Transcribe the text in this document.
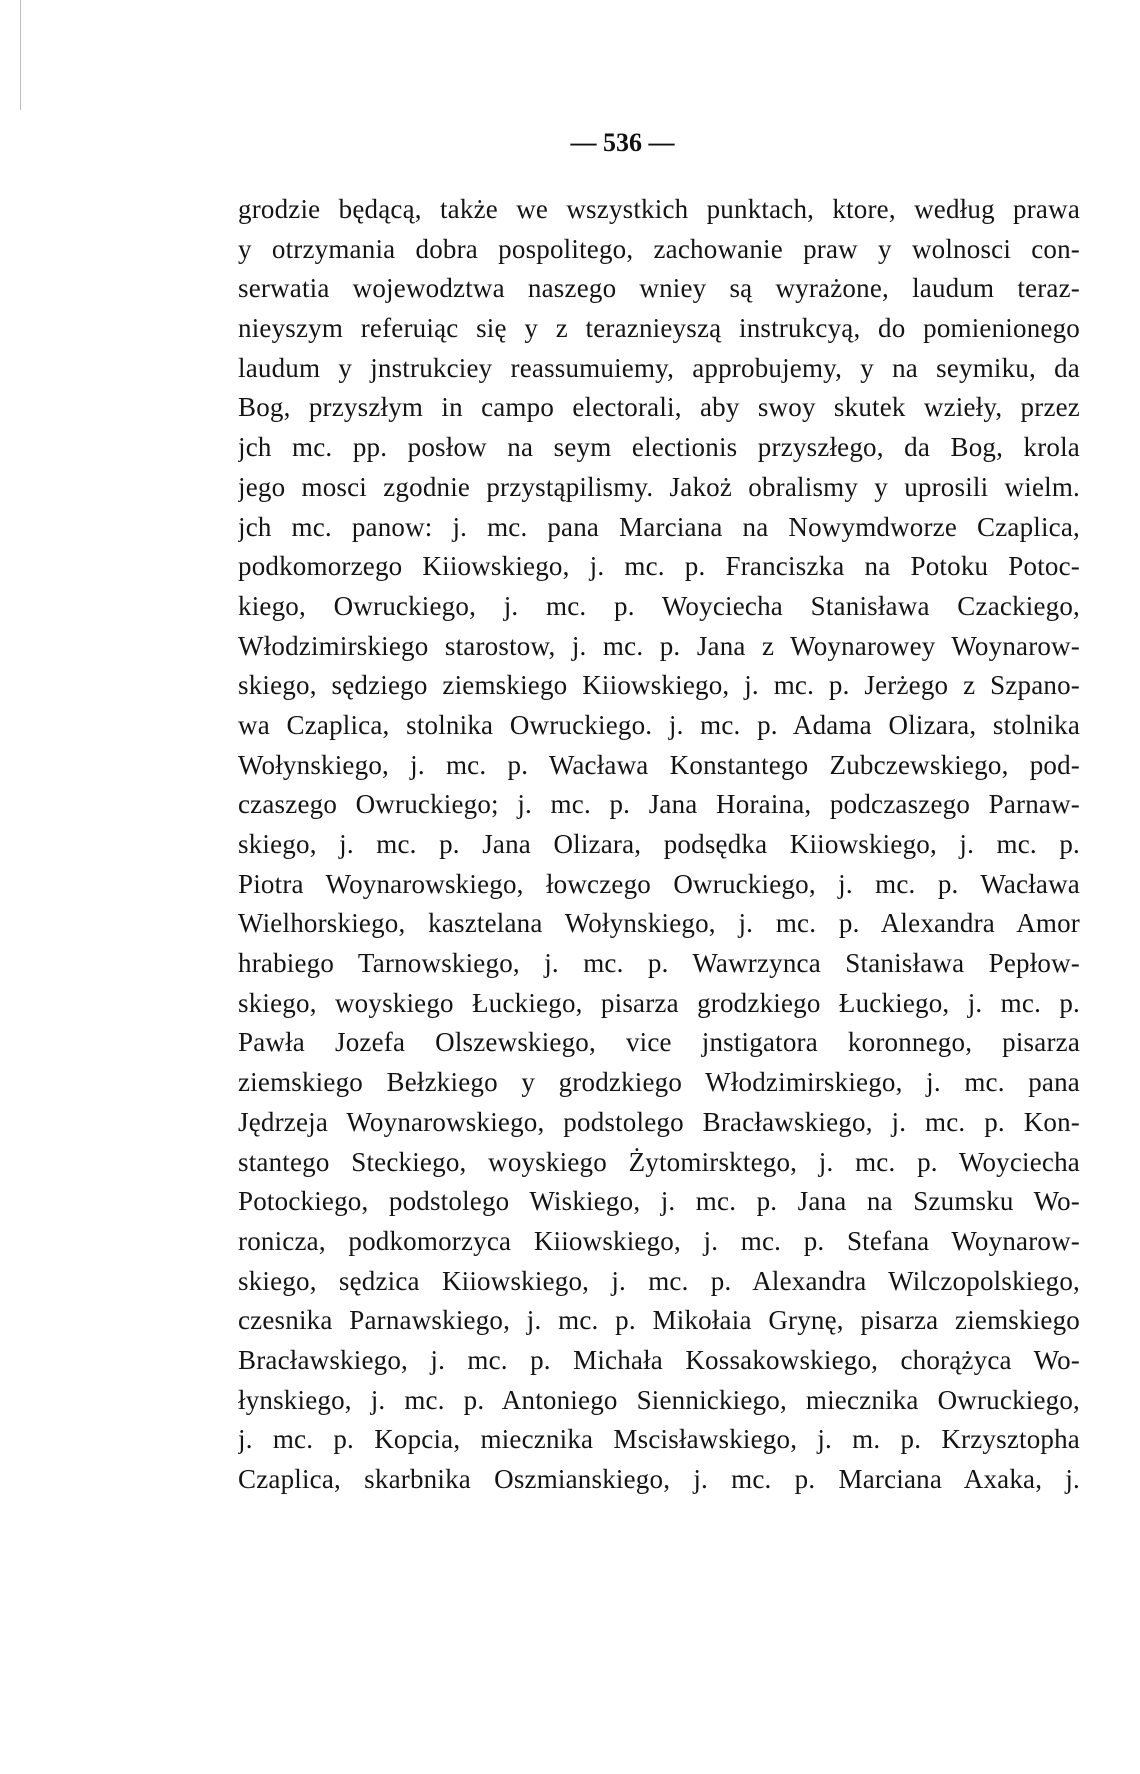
— 536 —
grodzie będącą, także we wszystkich punktach, ktore, według prawa
y otrzymania dobra pospolitego, zachowanie praw y wolnosci con-
serwatia wojewodztwa naszego wniey są wyrażone, laudum teraz-
nieyszym referuiąc się y z teraznieyszą instrukcyą, do pomienionego
laudum y jnstrukciey reassumuiemy, approbujemy, y na seymiku, da
Bog, przyszłym in campo electorali, aby swoy skutek wzieły, przez
jch mc. pp. posłow na seym electionis przyszłego, da Bog, krola
jego mosci zgodnie przystąpilismy. Jakoż obralismy y uprosili wielm.
jch mc. panow: j. mc. pana Marciana na Nowymdworze Czaplica,
podkomorzego Kiiowskiego, j. mc. p. Franciszka na Potoku Potoc-
kiego, Owruckiego, j. mc. p. Woyciecha Stanisława Czackiego,
Włodzimirskiego starostow, j. mc. p. Jana z Woynarowey Woynarow-
skiego, sędziego ziemskiego Kiiowskiego, j. mc. p. Jerżego z Szpano-
wa Czaplica, stolnika Owruckiego. j. mc. p. Adama Olizara, stolnika
Wołynskiego, j. mc. p. Wacława Konstantego Zubczewskiego, pod-
czaszego Owruckiego; j. mc. p. Jana Horaina, podczaszego Parnaw-
skiego, j. mc. p. Jana Olizara, podsędka Kiiowskiego, j. mc. p.
Piotra Woynarowskiego, łowczego Owruckiego, j. mc. p. Wacława
Wielhorskiego, kasztelana Wołynskiego, j. mc. p. Alexandra Amor
hrabiego Tarnowskiego, j. mc. p. Wawrzynca Stanisława Pepłow-
skiego, woyskiego Łuckiego, pisarza grodzkiego Łuckiego, j. mc. p.
Pawła Jozefa Olszewskiego, vice jnstigatora koronnego, pisarza
ziemskiego Bełzkiego y grodzkiego Włodzimirskiego, j. mc. pana
Jędrzeja Woynarowskiego, podstolego Bracławskiego, j. mc. p. Kon-
stantego Steckiego, woyskiego Żytomirsktego, j. mc. p. Woyciecha
Potockiego, podstolego Wiskiego, j. mc. p. Jana na Szumsku Wo-
ronicza, podkomorzyca Kiiowskiego, j. mc. p. Stefana Woynarow-
skiego, sędzica Kiiowskiego, j. mc. p. Alexandra Wilczopolskiego,
czesnika Parnawskiego, j. mc. p. Mikołaia Grynę, pisarza ziemskiego
Bracławskiego, j. mc. p. Michała Kossakowskiego, chorążyca Wo-
łynskiego, j. mc. p. Antoniego Siennickiego, miecznika Owruckiego,
j. mc. p. Kopcia, miecznika Mscisławskiego, j. m. p. Krzysztopha
Czaplica, skarbnika Oszmianskiego, j. mc. p. Marciana Axaka, j.
